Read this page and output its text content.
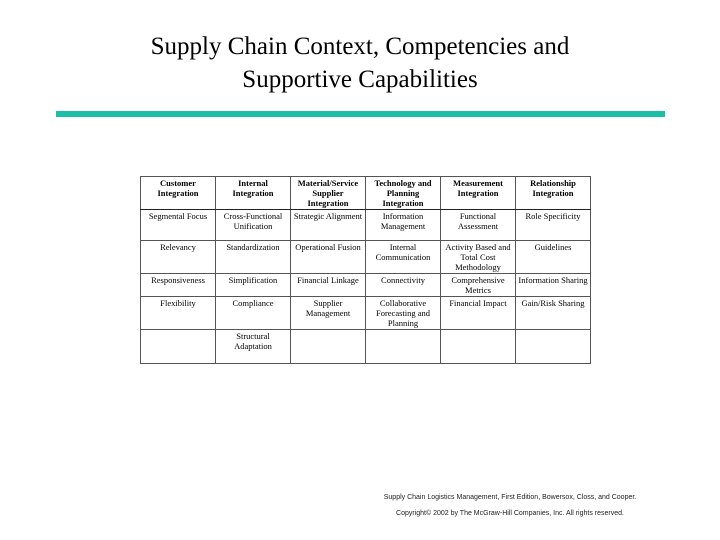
Supply Chain Context, Competencies and
Supportive Capabilities
Customer Integration	Internal Integration	Material/Service Supplier Integration	Technology and Planning Integration	Measurement Integration	Relationship Integration
Segmental Focus	Cross-Functional Unification	Strategic Alignment	Information Management	Functional Assessment	Role Specificity
Relevancy	Standardization	Operational Fusion	Internal Communication	Activity Based and Total Cost Methodology	Guidelines
Responsiveness	Simplification	Financial Linkage	Connectivity	Comprehensive Metrics	Information Sharing
Flexibility	Compliance	Supplier Management	Collaborative Forecasting and Planning	Financial Impact	Gain/Risk Sharing
	Structural Adaptation				
Supply Chain Logistics Management, First Edition, Bowersox, Closs, and Cooper.
Copyright© 2002 by The McGraw-Hill Companies, Inc. All rights reserved.
